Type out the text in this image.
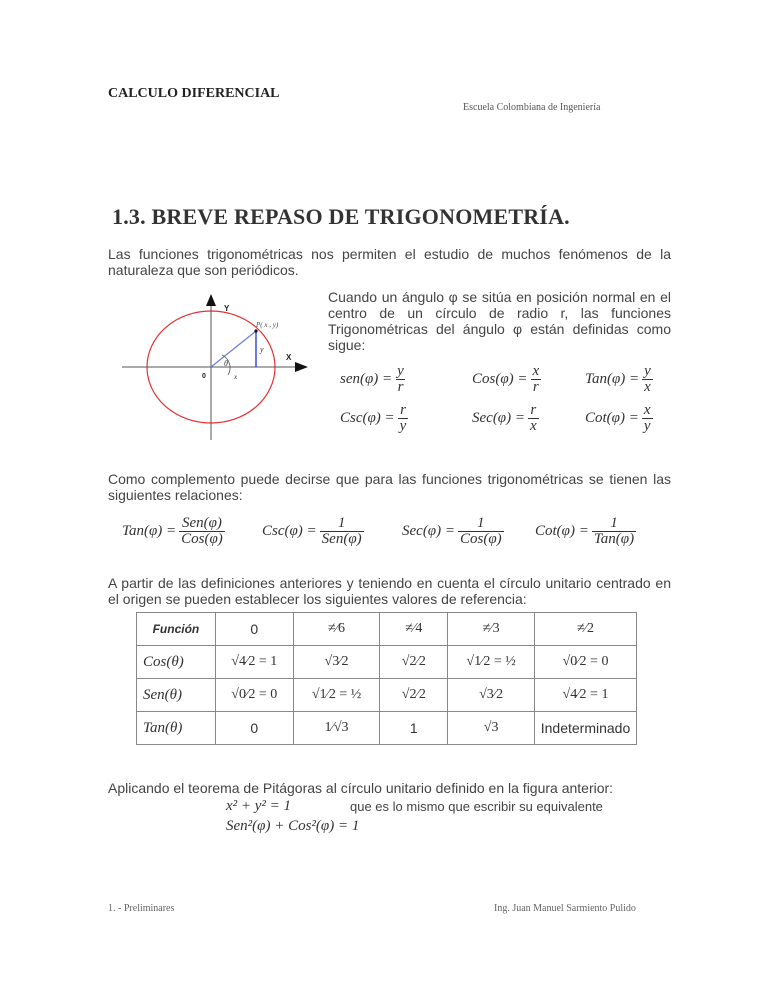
CALCULO DIFERENCIAL
Escuela Colombiana de Ingeniería
1.3. BREVE REPASO DE TRIGONOMETRÍA.
Las funciones trigonométricas nos permiten el estudio de muchos fenómenos de la naturaleza que son periódicos.
Y
X
P( x , y)
0
θ
x
y
Cuando un ángulo φ se sitúa en posición normal en el centro de un círculo de radio r, las funciones Trigonométricas del ángulo φ están definidas como sigue:
$sen(\varphi) = \frac{y}{r}$	$Cos(\varphi) = \frac{x}{r}$	$Tan(\varphi) = \frac{y}{x}$
$Csc(\varphi) = \frac{r}{y}$	$Sec(\varphi) = \frac{r}{x}$	$Cot(\varphi) = \frac{x}{y}$
Como complemento puede decirse que para las funciones trigonométricas se tienen las siguientes relaciones:
$Tan(\varphi) = \frac{\text{Sen(φ)}}{\text{Cos(φ)}} Csc(\varphi) = \frac{1}{\text{Sen(φ)}}$	$Sec(\varphi) = \frac{1}{\text{Cos(φ)}} Cot(\varphi) = \frac{1}{\text{Tan(φ)}}$
A partir de las definiciones anteriores y teniendo en cuenta el círculo unitario centrado en el origen se pueden establecer los siguientes valores de referencia:
Función	0	≠⁄6	≠⁄4	≠⁄3	≠⁄2
Cos(θ)	√4⁄2 = 1	√3⁄2	√2⁄2	√1⁄2 = ½	√0⁄2 = 0
Sen(θ)	√0⁄2 = 0	√1⁄2 = ½	√2⁄2	√3⁄2	√4⁄2 = 1
Tan(θ)	0	1⁄√3	1	√3	Indeterminado
Aplicando el teorema de Pitágoras al círculo unitario definido en la figura anterior:
x² + y² = 1	que es lo mismo que escribir su equivalente
Sen²(φ) + Cos²(φ) = 1
1. - Preliminares	Ing. Juan Manuel Sarmiento Pulido
